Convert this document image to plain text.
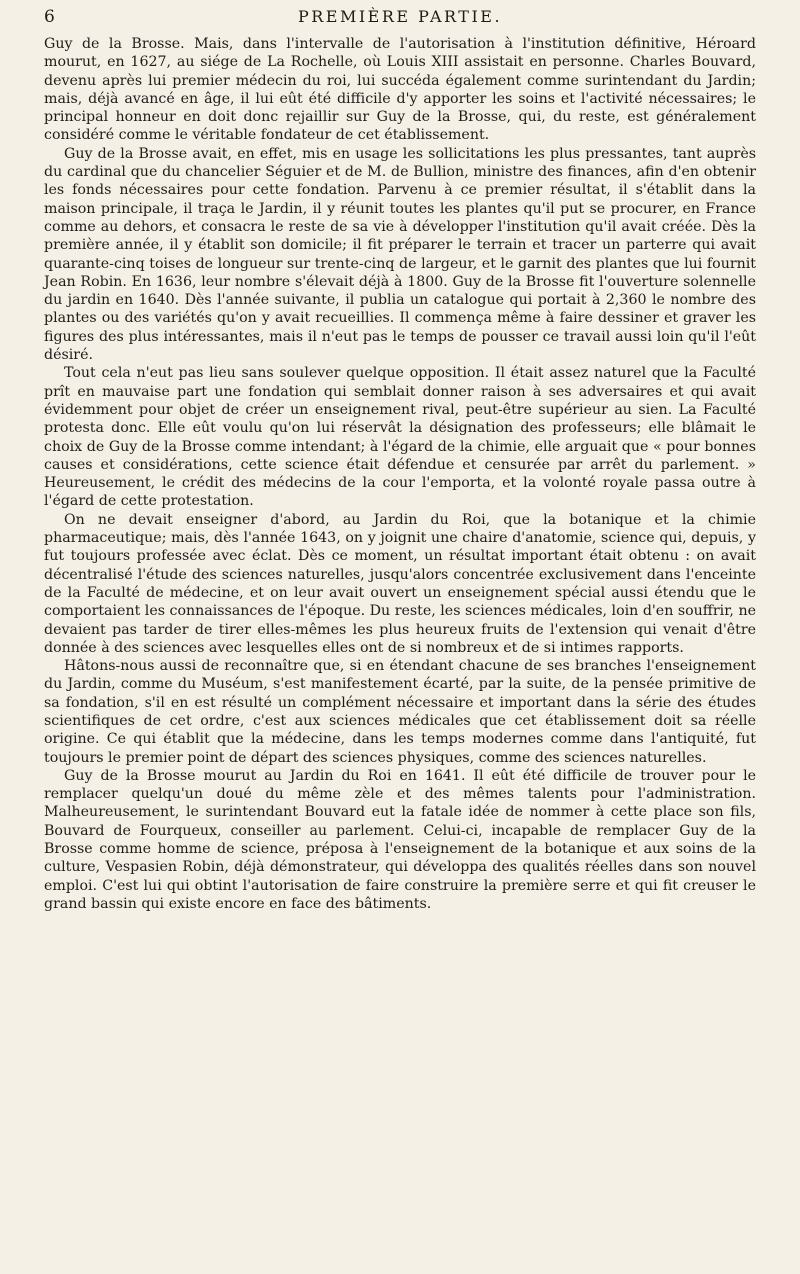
6	PREMIÈRE PARTIE.

Guy de la Brosse. Mais, dans l'intervalle de l'autorisation à l'institution définitive, Héroard mourut, en 1627, au siége de La Rochelle, où Louis XIII assistait en personne. Charles Bouvard, devenu après lui premier médecin du roi, lui succéda également comme surintendant du Jardin; mais, déjà avancé en âge, il lui eût été difficile d'y apporter les soins et l'activité nécessaires; le principal honneur en doit donc rejaillir sur Guy de la Brosse, qui, du reste, est généralement considéré comme le véritable fondateur de cet établissement.

Guy de la Brosse avait, en effet, mis en usage les sollicitations les plus pressantes, tant auprès du cardinal que du chancelier Séguier et de M. de Bullion, ministre des finances, afin d'en obtenir les fonds nécessaires pour cette fondation. Parvenu à ce premier résultat, il s'établit dans la maison principale, il traça le Jardin, il y réunit toutes les plantes qu'il put se procurer, en France comme au dehors, et consacra le reste de sa vie à développer l'institution qu'il avait créée. Dès la première année, il y établit son domicile; il fit préparer le terrain et tracer un parterre qui avait quarante-cinq toises de longueur sur trente-cinq de largeur, et le garnit des plantes que lui fournit Jean Robin. En 1636, leur nombre s'élevait déjà à 1800. Guy de la Brosse fit l'ouverture solennelle du jardin en 1640. Dès l'année suivante, il publia un catalogue qui portait à 2,360 le nombre des plantes ou des variétés qu'on y avait recueillies. Il commença même à faire dessiner et graver les figures des plus intéressantes, mais il n'eut pas le temps de pousser ce travail aussi loin qu'il l'eût désiré.

Tout cela n'eut pas lieu sans soulever quelque opposition. Il était assez naturel que la Faculté prît en mauvaise part une fondation qui semblait donner raison à ses adversaires et qui avait évidemment pour objet de créer un enseignement rival, peut-être supérieur au sien. La Faculté protesta donc. Elle eût voulu qu'on lui réservât la désignation des professeurs; elle blâmait le choix de Guy de la Brosse comme intendant; à l'égard de la chimie, elle arguait que « pour bonnes causes et considérations, cette science était défendue et censurée par arrêt du parlement. » Heureusement, le crédit des médecins de la cour l'emporta, et la volonté royale passa outre à l'égard de cette protestation.

On ne devait enseigner d'abord, au Jardin du Roi, que la botanique et la chimie pharmaceutique; mais, dès l'année 1643, on y joignit une chaire d'anatomie, science qui, depuis, y fut toujours professée avec éclat. Dès ce moment, un résultat important était obtenu : on avait décentralisé l'étude des sciences naturelles, jusqu'alors concentrée exclusivement dans l'enceinte de la Faculté de médecine, et on leur avait ouvert un enseignement spécial aussi étendu que le comportaient les connaissances de l'époque. Du reste, les sciences médicales, loin d'en souffrir, ne devaient pas tarder de tirer elles-mêmes les plus heureux fruits de l'extension qui venait d'être donnée à des sciences avec lesquelles elles ont de si nombreux et de si intimes rapports.

Hâtons-nous aussi de reconnaître que, si en étendant chacune de ses branches l'enseignement du Jardin, comme du Muséum, s'est manifestement écarté, par la suite, de la pensée primitive de sa fondation, s'il en est résulté un complément nécessaire et important dans la série des études scientifiques de cet ordre, c'est aux sciences médicales que cet établissement doit sa réelle origine. Ce qui établit que la médecine, dans les temps modernes comme dans l'antiquité, fut toujours le premier point de départ des sciences physiques, comme des sciences naturelles.

Guy de la Brosse mourut au Jardin du Roi en 1641. Il eût été difficile de trouver pour le remplacer quelqu'un doué du même zèle et des mêmes talents pour l'administration. Malheureusement, le surintendant Bouvard eut la fatale idée de nommer à cette place son fils, Bouvard de Fourqueux, conseiller au parlement. Celui-ci, incapable de remplacer Guy de la Brosse comme homme de science, préposa à l'enseignement de la botanique et aux soins de la culture, Vespasien Robin, déjà démonstrateur, qui développa des qualités réelles dans son nouvel emploi. C'est lui qui obtint l'autorisation de faire construire la première serre et qui fit creuser le grand bassin qui existe encore en face des bâtiments.
